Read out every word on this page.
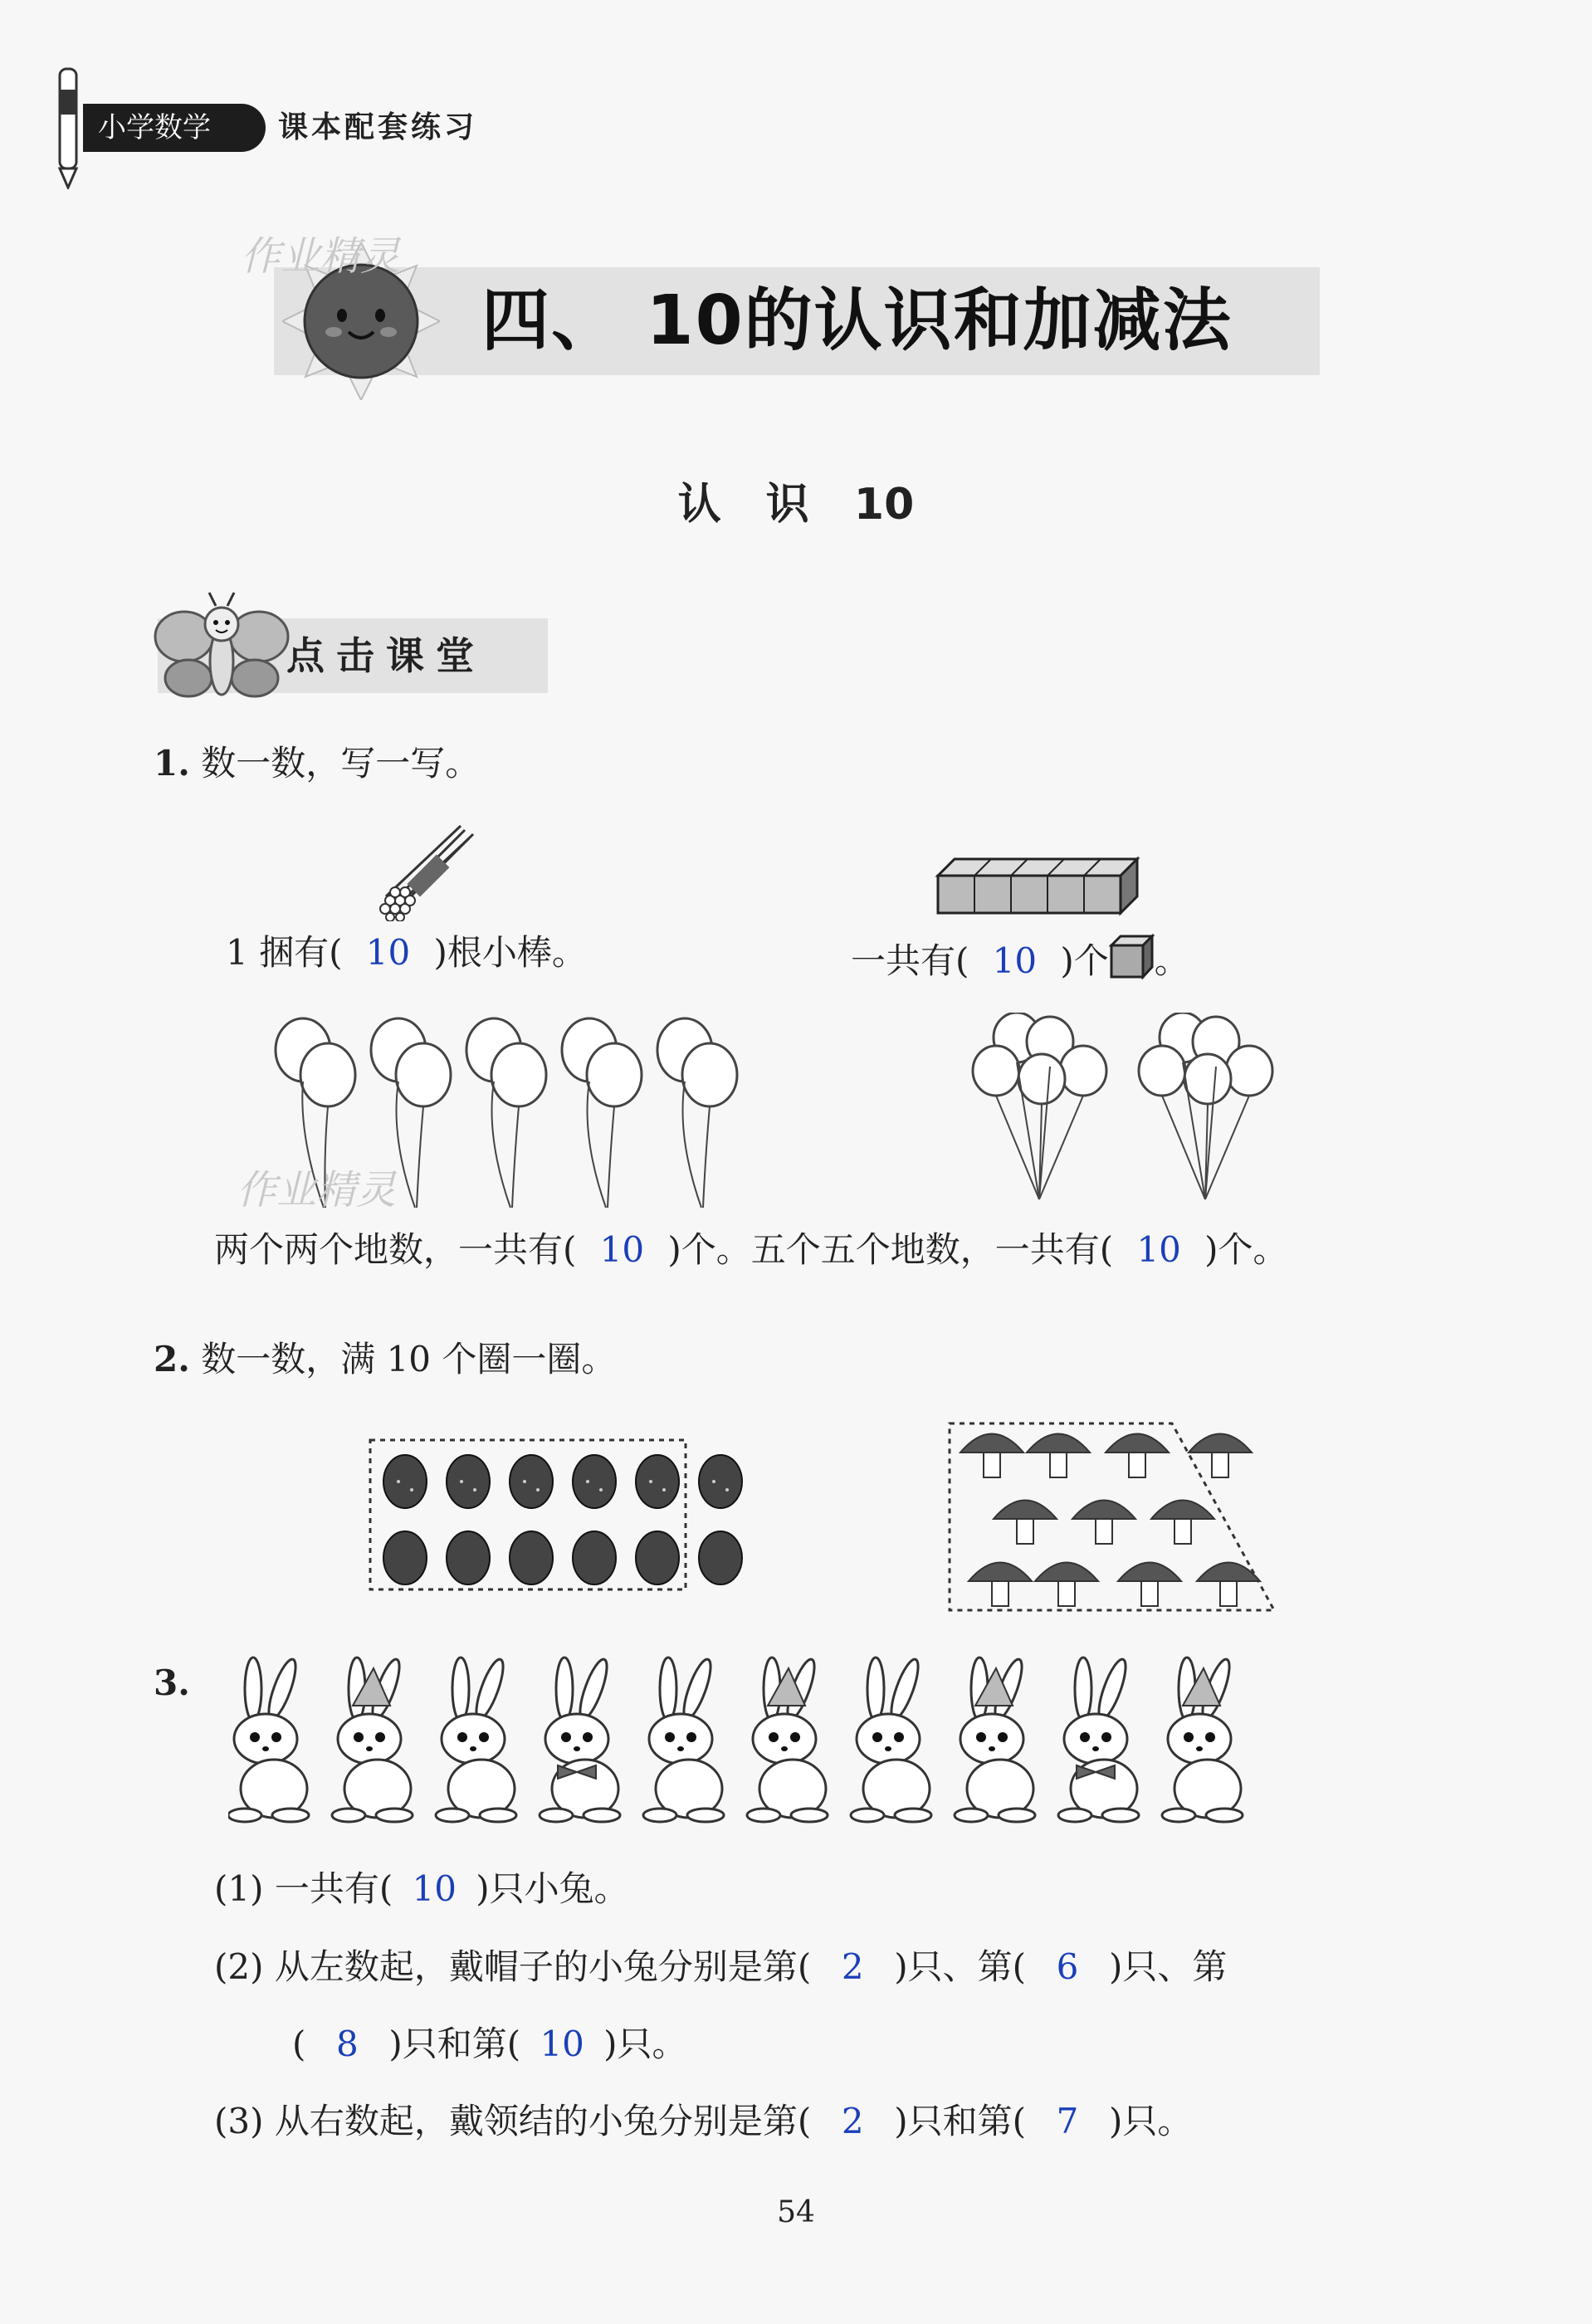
小学数学	课本配套练习
作业精灵
四、 10的认识和加减法
认 识 10
点击课堂
1. 数一数，写一写。
1 捆有( 10 )根小棒。	一共有( 10 )个 。
作业精灵
两个两个地数，一共有( 10 )个。五个五个地数，一共有( 10 )个。
2. 数一数，满 10 个圈一圈。
3.
(1) 一共有( 10 )只小兔。
(2) 从左数起，戴帽子的小兔分别是第( 2 )只、第( 6 )只、第
( 8 )只和第( 10 )只。
(3) 从右数起，戴领结的小兔分别是第( 2 )只和第( 7 )只。
54
